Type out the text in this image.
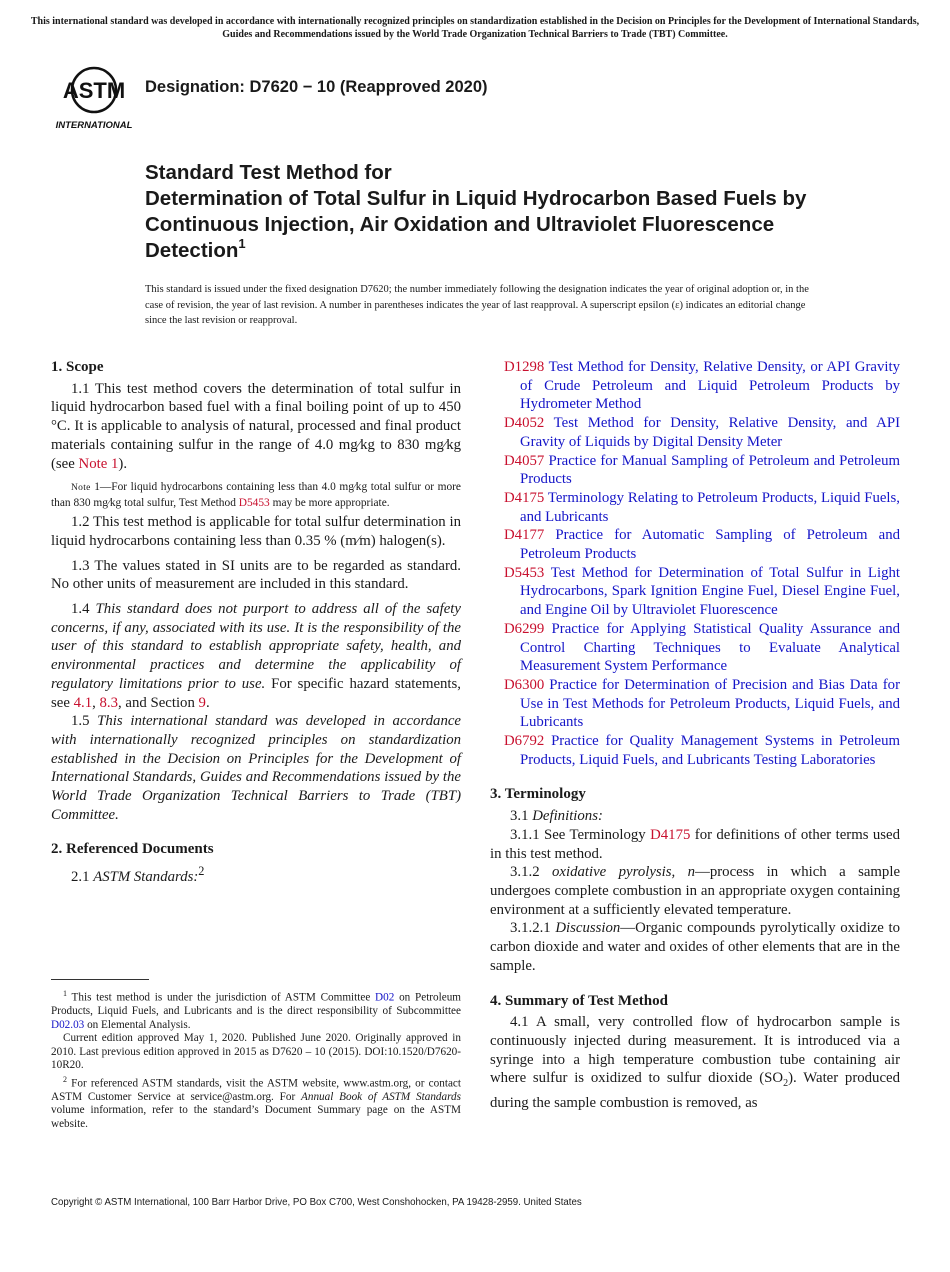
This international standard was developed in accordance with internationally recognized principles on standardization established in the Decision on Principles for the Development of International Standards, Guides and Recommendations issued by the World Trade Organization Technical Barriers to Trade (TBT) Committee.
ASTM
INTERNATIONAL
Designation: D7620 − 10 (Reapproved 2020)
Standard Test Method for
Determination of Total Sulfur in Liquid Hydrocarbon Based Fuels by Continuous Injection, Air Oxidation and Ultraviolet Fluorescence Detection$^1$
This standard is issued under the fixed designation D7620; the number immediately following the designation indicates the year of original adoption or, in the case of revision, the year of last revision. A number in parentheses indicates the year of last reapproval. A superscript epsilon (ε) indicates an editorial change since the last revision or reapproval.
1. Scope
1.1 This test method covers the determination of total sulfur in liquid hydrocarbon based fuel with a final boiling point of up to 450 °C. It is applicable to analysis of natural, processed and final product materials containing sulfur in the range of 4.0 mg⁄kg to 830 mg⁄kg (see Note 1).
Note 1—For liquid hydrocarbons containing less than 4.0 mg⁄kg total sulfur or more than 830 mg⁄kg total sulfur, Test Method D5453 may be more appropriate.
1.2 This test method is applicable for total sulfur determination in liquid hydrocarbons containing less than 0.35 % (m⁄m) halogen(s).
1.3 The values stated in SI units are to be regarded as standard. No other units of measurement are included in this standard.
1.4 This standard does not purport to address all of the safety concerns, if any, associated with its use. It is the responsibility of the user of this standard to establish appropriate safety, health, and environmental practices and determine the applicability of regulatory limitations prior to use. For specific hazard statements, see 4.1, 8.3, and Section 9.
1.5 This international standard was developed in accordance with internationally recognized principles on standardization established in the Decision on Principles for the Development of International Standards, Guides and Recommendations issued by the World Trade Organization Technical Barriers to Trade (TBT) Committee.
2. Referenced Documents
2.1 ASTM Standards:$^2$
$^1$ This test method is under the jurisdiction of ASTM Committee D02 on Petroleum Products, Liquid Fuels, and Lubricants and is the direct responsibility of Subcommittee D02.03 on Elemental Analysis.
Current edition approved May 1, 2020. Published June 2020. Originally approved in 2010. Last previous edition approved in 2015 as D7620 – 10 (2015). DOI:10.1520/D7620-10R20.
$^2$ For referenced ASTM standards, visit the ASTM website, www.astm.org, or contact ASTM Customer Service at service@astm.org. For Annual Book of ASTM Standards volume information, refer to the standard’s Document Summary page on the ASTM website.
D1298 Test Method for Density, Relative Density, or API Gravity of Crude Petroleum and Liquid Petroleum Products by Hydrometer Method
D4052 Test Method for Density, Relative Density, and API Gravity of Liquids by Digital Density Meter
D4057 Practice for Manual Sampling of Petroleum and Petroleum Products
D4175 Terminology Relating to Petroleum Products, Liquid Fuels, and Lubricants
D4177 Practice for Automatic Sampling of Petroleum and Petroleum Products
D5453 Test Method for Determination of Total Sulfur in Light Hydrocarbons, Spark Ignition Engine Fuel, Diesel Engine Fuel, and Engine Oil by Ultraviolet Fluorescence
D6299 Practice for Applying Statistical Quality Assurance and Control Charting Techniques to Evaluate Analytical Measurement System Performance
D6300 Practice for Determination of Precision and Bias Data for Use in Test Methods for Petroleum Products, Liquid Fuels, and Lubricants
D6792 Practice for Quality Management Systems in Petroleum Products, Liquid Fuels, and Lubricants Testing Laboratories
3. Terminology
3.1 Definitions:
3.1.1 See Terminology D4175 for definitions of other terms used in this test method.
3.1.2 oxidative pyrolysis, n—process in which a sample undergoes complete combustion in an appropriate oxygen containing environment at a sufficiently elevated temperature.
3.1.2.1 Discussion—Organic compounds pyrolytically oxidize to carbon dioxide and water and oxides of other elements that are in the sample.
4. Summary of Test Method
4.1 A small, very controlled flow of hydrocarbon sample is continuously injected during measurement. It is introduced via a syringe into a high temperature combustion tube containing air where sulfur is oxidized to sulfur dioxide $(SO_2)$. Water produced during the sample combustion is removed, as
Copyright © ASTM International, 100 Barr Harbor Drive, PO Box C700, West Conshohocken, PA 19428-2959. United States
